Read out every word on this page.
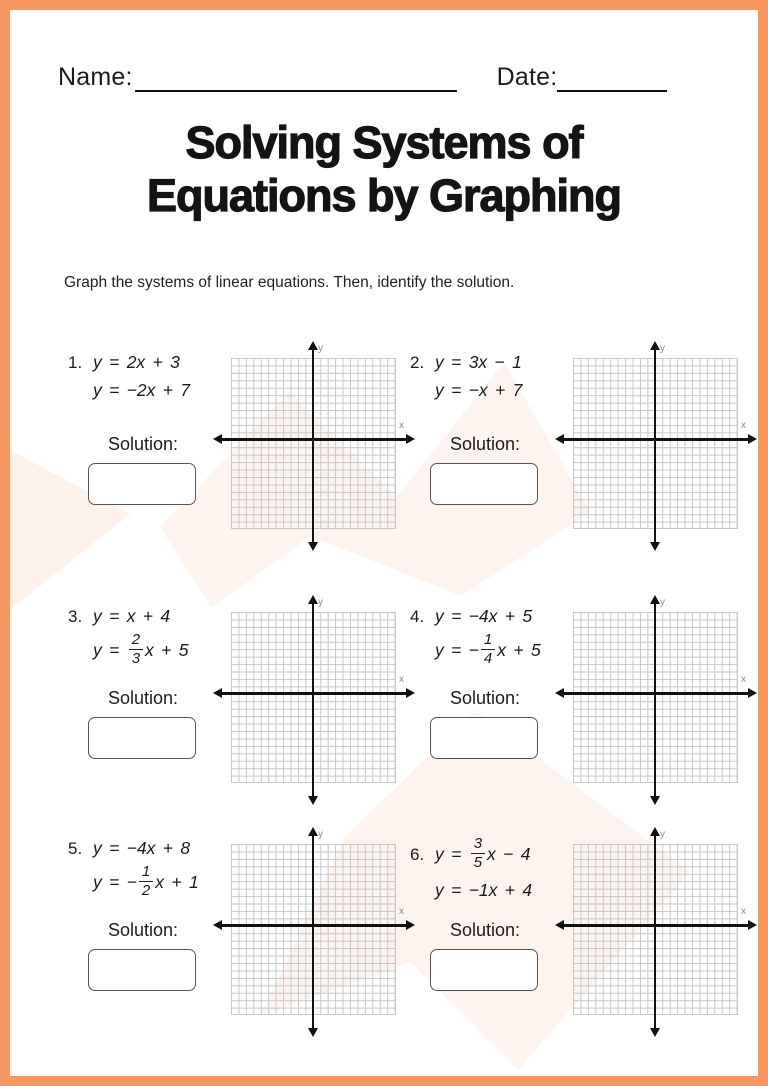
Name:	Date:
Solving Systems of
Equations by Graphing
Graph the systems of linear equations. Then, identify the solution.
1. y = 2x + 3
y = −2x + 7
Solution:
y
x
2. y = 3x − 1
y = −x + 7
Solution:
y
x
3. y = x + 4
$y = \frac{2}{3}$ x + 5
Solution:
y
x
4. y = −4x + 5
y = − $\frac{1}{4}$ x + 5
Solution:
y
x
5. y = −4x + 8
y = − $\frac{1}{2}$ x + 1
Solution:
y
x
6. $y = \frac{3}{5}$ x − 4
y = −1x + 4
Solution:
y
x
